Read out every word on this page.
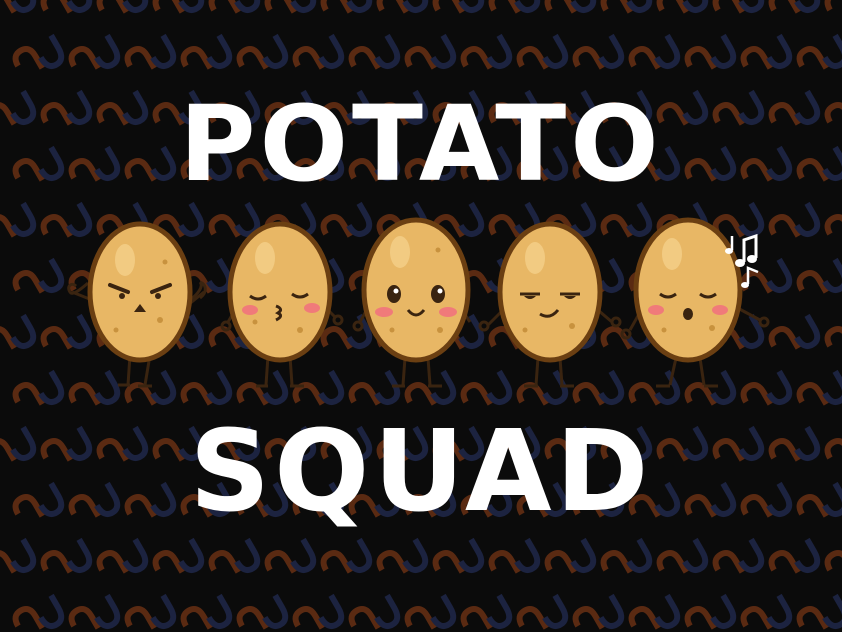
POTATO
SQUAD
